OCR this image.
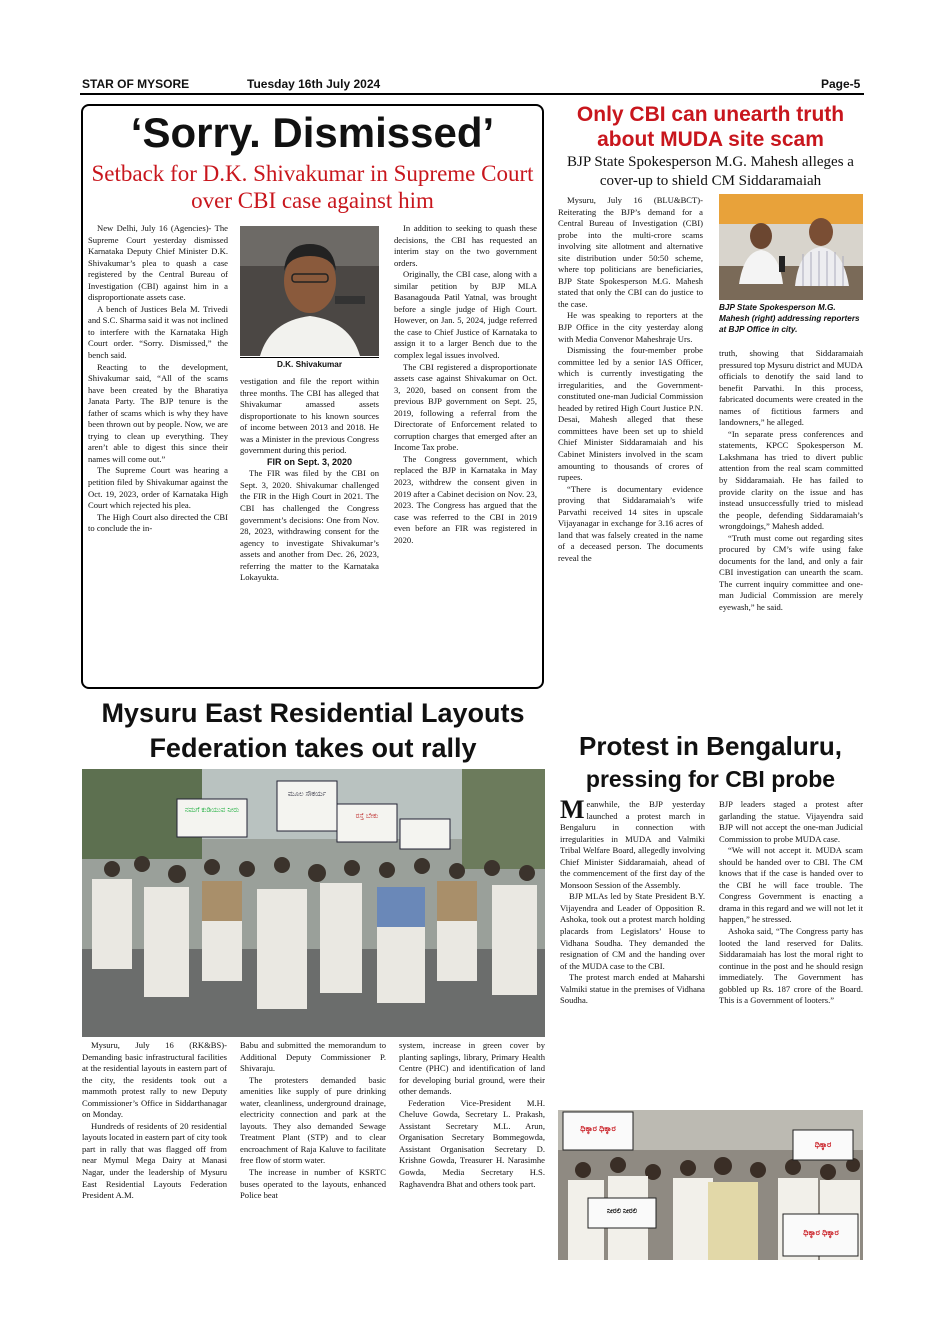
STAR OF MYSORE	Tuesday 16th July 2024	Page-5
‘Sorry. Dismissed’
Setback for D.K. Shivakumar in Supreme Court over CBI case against him

New Delhi, July 16 (Agencies)- The Supreme Court yesterday dismissed Karnataka Deputy Chief Minister D.K. Shivakumar’s plea to quash a case registered by the Central Bureau of Investigation (CBI) against him in a disproportionate assets case.

A bench of Justices Bela M. Trivedi and S.C. Sharma said it was not inclined to interfere with the Karnataka High Court order. “Sorry. Dismissed,” the bench said.

Reacting to the development, Shivakumar said, “All of the scams have been created by the Bharatiya Janata Party. The BJP tenure is the father of scams which is why they have been thrown out by people. Now, we are trying to clean up everything. They aren’t able to digest this since their names will come out.”

The Supreme Court was hearing a petition filed by Shivakumar against the Oct. 19, 2023, order of Karnataka High Court which rejected his plea.

The High Court also directed the CBI to conclude the in-

D.K. Shivakumar

vestigation and file the report within three months. The CBI has alleged that Shivakumar amassed assets disproportionate to his known sources of income between 2013 and 2018. He was a Minister in the previous Congress government during this period.

FIR on Sept. 3, 2020

The FIR was filed by the CBI on Sept. 3, 2020. Shivakumar challenged the FIR in the High Court in 2021. The CBI has challenged the Congress government’s decisions: One from Nov. 28, 2023, withdrawing consent for the agency to investigate Shivakumar’s assets and another from Dec. 26, 2023, referring the matter to the Karnataka Lokayukta.

In addition to seeking to quash these decisions, the CBI has requested an interim stay on the two government orders.

Originally, the CBI case, along with a similar petition by BJP MLA Basanagouda Patil Yatnal, was brought before a single judge of High Court. However, on Jan. 5, 2024, judge referred the case to Chief Justice of Karnataka to assign it to a larger Bench due to the complex legal issues involved.

The CBI registered a disproportionate assets case against Shivakumar on Oct. 3, 2020, based on consent from the previous BJP government on Sept. 25, 2019, following a referral from the Directorate of Enforcement related to corruption charges that emerged after an Income Tax probe.

The Congress government, which replaced the BJP in Karnataka in May 2023, withdrew the consent given in 2019 after a Cabinet decision on Nov. 23, 2023. The Congress has argued that the case was referred to the CBI in 2019 even before an FIR was registered in 2020.

Only CBI can unearth truth about MUDA site scam
BJP State Spokesperson M.G. Mahesh alleges a cover-up to shield CM Siddaramaiah

Mysuru, July 16 (BLU&BCT)- Reiterating the BJP’s demand for a Central Bureau of Investigation (CBI) probe into the multi-crore scams involving site allotment and alternative site distribution under 50:50 scheme, where top politicians are beneficiaries, BJP State Spokesperson M.G. Mahesh stated that only the CBI can do justice to the case.

He was speaking to reporters at the BJP Office in the city yesterday along with Media Convenor Maheshraje Urs.

Dismissing the four-member probe committee led by a senior IAS Officer, which is currently investigating the irregularities, and the Government-constituted one-man Judicial Commission headed by retired High Court Justice P.N. Desai, Mahesh alleged that these committees have been set up to shield Chief Minister Siddaramaiah and his Cabinet Ministers involved in the scam amounting to thousands of crores of rupees.

“There is documentary evidence proving that Siddaramaiah’s wife Parvathi received 14 sites in upscale Vijayanagar in exchange for 3.16 acres of land that was falsely created in the name of a deceased person. The documents reveal the

BJP State Spokesperson M.G. Mahesh (right) addressing reporters at BJP Office in city.

truth, showing that Siddaramaiah pressured top Mysuru district and MUDA officials to denotify the said land to benefit Parvathi. In this process, fabricated documents were created in the names of fictitious farmers and landowners,” he alleged.

“In separate press conferences and statements, KPCC Spokesperson M. Lakshmana has tried to divert public attention from the real scam committed by Siddaramaiah. He has failed to provide clarity on the issue and has instead unsuccessfully tried to mislead the people, defending Siddaramaiah’s wrongdoings,” Mahesh added.

“Truth must come out regarding sites procured by CM’s wife using fake documents for the land, and only a fair CBI investigation can unearth the scam. The current inquiry committee and one-man Judicial Commission are merely eyewash,” he said.

Mysuru East Residential Layouts
Federation takes out rally
ನಮಗೆ ಕುಡಿಯುವ ನೀರು
ಮೂಲ ಸೌಕರ್ಯ
ರಸ್ತೆ ಬೇಕು

Mysuru, July 16 (RK&BS)- Demanding basic infrastructural facilities at the residential layouts in eastern part of the city, the residents took out a mammoth protest rally to new Deputy Commissioner’s Office in Siddarthanagar on Monday.

Hundreds of residents of 20 residential layouts located in eastern part of city took part in rally that was flagged off from near Mymul Mega Dairy at Manasi Nagar, under the leadership of Mysuru East Residential Layouts Federation President A.M.

Babu and submitted the memorandum to Additional Deputy Commissioner P. Shivaraju.

The protesters demanded basic amenities like supply of pure drinking water, cleanliness, underground drainage, electricity connection and park at the layouts. They also demanded Sewage Treatment Plant (STP) and to clear encroachment of Raja Kaluve to facilitate free flow of storm water.

The increase in number of KSRTC buses operated to the layouts, enhanced Police beat

system, increase in green cover by planting saplings, library, Primary Health Centre (PHC) and identification of land for developing burial ground, were their other demands.

Federation Vice-President M.H. Cheluve Gowda, Secretary L. Prakash, Assistant Secretary M.L. Arun, Organisation Secretary Bommegowda, Assistant Organisation Secretary D. Krishne Gowda, Treasurer H. Narasimhe Gowda, Media Secretary H.S. Raghavendra Bhat and others took part.

Protest in Bengaluru,
pressing for CBI probe

Meanwhile, the BJP yesterday launched a protest march in Bengaluru in connection with irregularities in MUDA and Valmiki Tribal Welfare Board, allegedly involving Chief Minister Siddaramaiah, ahead of the commencement of the first day of the Monsoon Session of the Assembly.

BJP MLAs led by State President B.Y. Vijayendra and Leader of Opposition R. Ashoka, took out a protest march holding placards from Legislators’ House to Vidhana Soudha. They demanded the resignation of CM and the handing over of the MUDA case to the CBI.

The protest march ended at Maharshi Valmiki statue in the premises of Vidhana Soudha.

BJP leaders staged a protest after garlanding the statue. Vijayendra said BJP will not accept the one-man Judicial Commission to probe MUDA case.

“We will not accept it. MUDA scam should be handed over to CBI. The CM knows that if the case is handed over to the CBI he will face trouble. The Congress Government is enacting a drama in this regard and we will not let it happen,” he stressed.

Ashoka said, “The Congress party has looted the land reserved for Dalits. Siddaramaiah has lost the moral right to continue in the post and he should resign immediately. The Government has gobbled up Rs. 187 crore of the Board. This is a Government of looters.”

ಧಿಕ್ಕಾರ ಧಿಕ್ಕಾರ
ಧಿಕ್ಕಾರ
ನೀರಲಿ ನೀರಲಿ
ಧಿಕ್ಕಾರ ಧಿಕ್ಕಾರ
